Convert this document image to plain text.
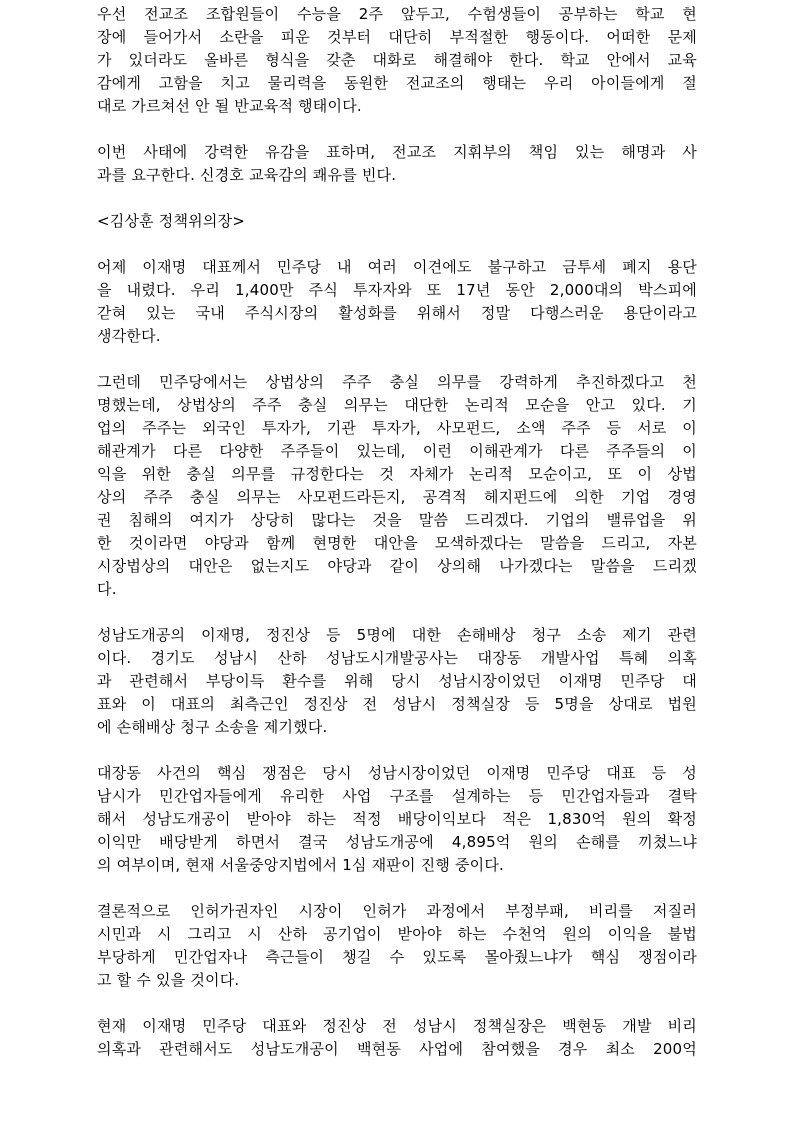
우선 전교조 조합원들이 수능을 2주 앞두고, 수험생들이 공부하는 학교 현
장에 들어가서 소란을 피운 것부터 대단히 부적절한 행동이다. 어떠한 문제
가 있더라도 올바른 형식을 갖춘 대화로 해결해야 한다. 학교 안에서 교육
감에게 고함을 치고 물리력을 동원한 전교조의 행태는 우리 아이들에게 절
대로 가르쳐선 안 될 반교육적 행태이다.
이번 사태에 강력한 유감을 표하며, 전교조 지휘부의 책임 있는 해명과 사
과를 요구한다. 신경호 교육감의 쾌유를 빈다.
<김상훈 정책위의장>
어제 이재명 대표께서 민주당 내 여러 이견에도 불구하고 금투세 폐지 용단
을 내렸다. 우리 1,400만 주식 투자자와 또 17년 동안 2,000대의 박스피에
갇혀 있는 국내 주식시장의 활성화를 위해서 정말 다행스러운 용단이라고
생각한다.
그런데 민주당에서는 상법상의 주주 충실 의무를 강력하게 추진하겠다고 천
명했는데, 상법상의 주주 충실 의무는 대단한 논리적 모순을 안고 있다. 기
업의 주주는 외국인 투자가, 기관 투자가, 사모펀드, 소액 주주 등 서로 이
해관계가 다른 다양한 주주들이 있는데, 이런 이해관계가 다른 주주들의 이
익을 위한 충실 의무를 규정한다는 것 자체가 논리적 모순이고, 또 이 상법
상의 주주 충실 의무는 사모펀드라든지, 공격적 헤지펀드에 의한 기업 경영
권 침해의 여지가 상당히 많다는 것을 말씀 드리겠다. 기업의 밸류업을 위
한 것이라면 야당과 함께 현명한 대안을 모색하겠다는 말씀을 드리고, 자본
시장법상의 대안은 없는지도 야당과 같이 상의해 나가겠다는 말씀을 드리겠
다.
성남도개공의 이재명, 정진상 등 5명에 대한 손해배상 청구 소송 제기 관련
이다. 경기도 성남시 산하 성남도시개발공사는 대장동 개발사업 특혜 의혹
과 관련해서 부당이득 환수를 위해 당시 성남시장이었던 이재명 민주당 대
표와 이 대표의 최측근인 정진상 전 성남시 정책실장 등 5명을 상대로 법원
에 손해배상 청구 소송을 제기했다.
대장동 사건의 핵심 쟁점은 당시 성남시장이었던 이재명 민주당 대표 등 성
남시가 민간업자들에게 유리한 사업 구조를 설계하는 등 민간업자들과 결탁
해서 성남도개공이 받아야 하는 적정 배당이익보다 적은 1,830억 원의 확정
이익만 배당받게 하면서 결국 성남도개공에 4,895억 원의 손해를 끼쳤느냐
의 여부이며, 현재 서울중앙지법에서 1심 재판이 진행 중이다.
결론적으로 인허가권자인 시장이 인허가 과정에서 부정부패, 비리를 저질러
시민과 시 그리고 시 산하 공기업이 받아야 하는 수천억 원의 이익을 불법
부당하게 민간업자나 측근들이 챙길 수 있도록 몰아줬느냐가 핵심 쟁점이라
고 할 수 있을 것이다.
현재 이재명 민주당 대표와 정진상 전 성남시 정책실장은 백현동 개발 비리
의혹과 관련해서도 성남도개공이 백현동 사업에 참여했을 경우 최소 200억
